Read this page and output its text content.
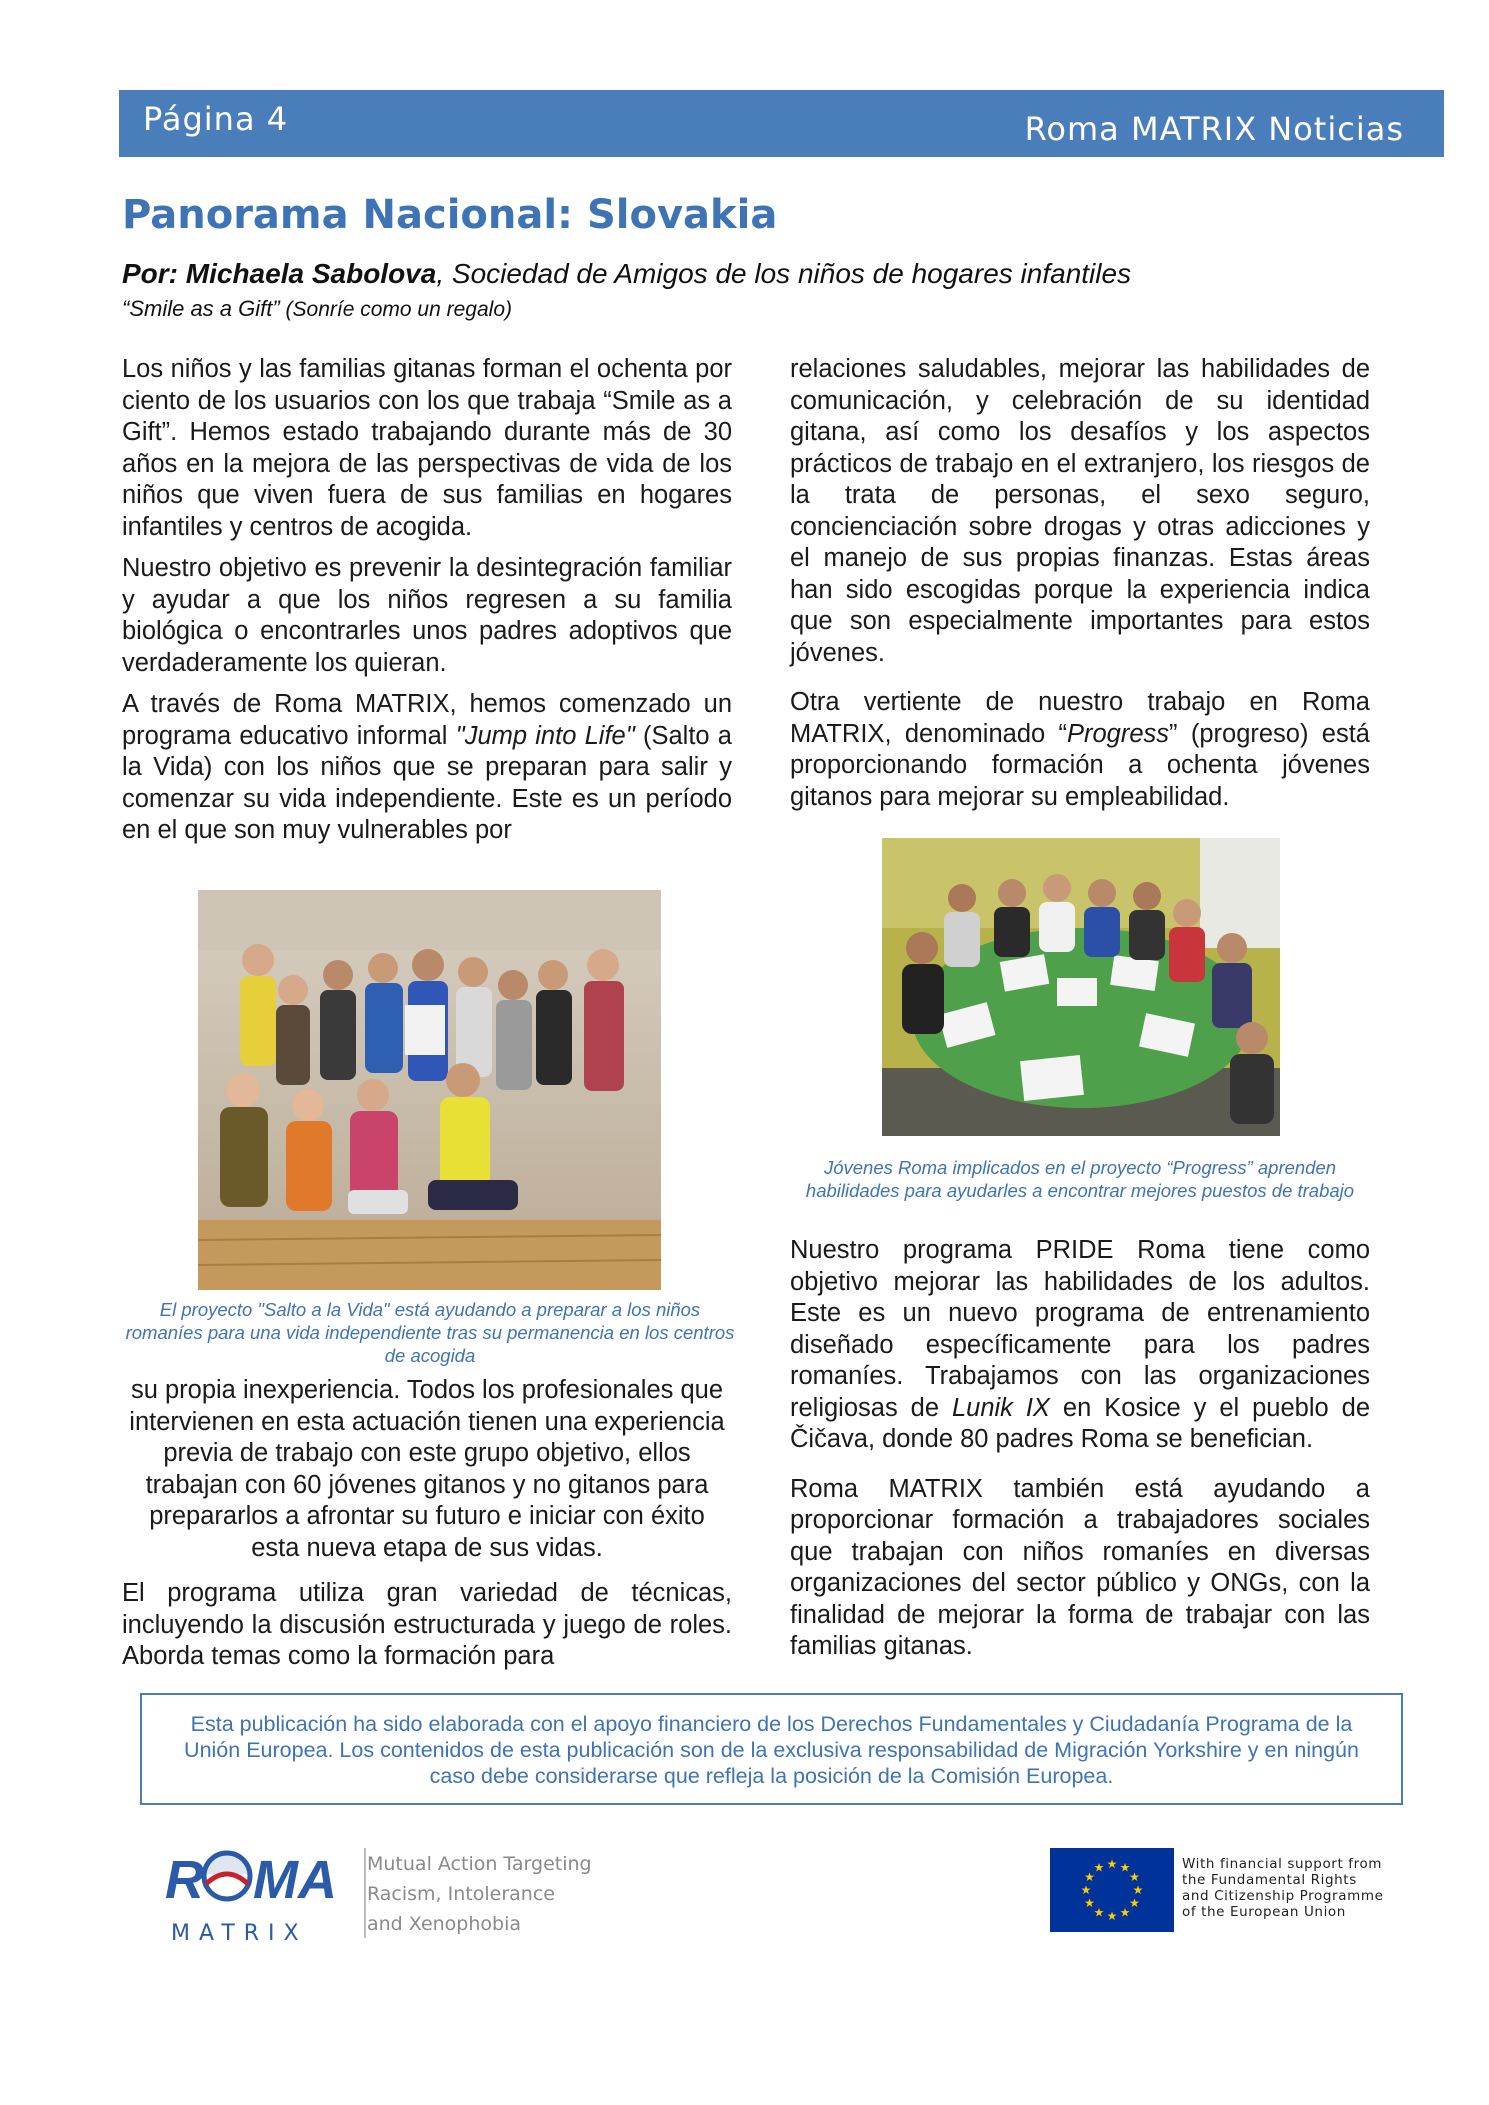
Página 4	Roma MATRIX Noticias
Panorama Nacional: Slovakia
Por: Michaela Sabolova, Sociedad de Amigos de los niños de hogares infantiles
“Smile as a Gift” (Sonríe como un regalo)

Los niños y las familias gitanas forman el ochenta por ciento de los usuarios con los que trabaja “Smile as a Gift”. Hemos estado trabajando durante más de 30 años en la mejora de las perspectivas de vida de los niños que viven fuera de sus familias en hogares infantiles y centros de acogida.

Nuestro objetivo es prevenir la desintegración familiar y ayudar a que los niños regresen a su familia biológica o encontrarles unos padres adoptivos que verdaderamente los quieran.

A través de Roma MATRIX, hemos comenzado un programa educativo informal "Jump into Life" (Salto a la Vida) con los niños que se preparan para salir y comenzar su vida independiente. Este es un período en el que son muy vulnerables por

El proyecto "Salto a la Vida" está ayudando a preparar a los niños romaníes para una vida independiente tras su permanencia en los centros de acogida

su propia inexperiencia. Todos los profesionales que intervienen en esta actuación tienen una experiencia previa de trabajo con este grupo objetivo, ellos trabajan con 60 jóvenes gitanos y no gitanos para prepararlos a afrontar su futuro e iniciar con éxito esta nueva etapa de sus vidas.

El programa utiliza gran variedad de técnicas, incluyendo la discusión estructurada y juego de roles. Aborda temas como la formación para

relaciones saludables, mejorar las habilidades de comunicación, y celebración de su identidad gitana, así como los desafíos y los aspectos prácticos de trabajo en el extranjero, los riesgos de la trata de personas, el sexo seguro, concienciación sobre drogas y otras adicciones y el manejo de sus propias finanzas. Estas áreas han sido escogidas porque la experiencia indica que son especialmente importantes para estos jóvenes.

Otra vertiente de nuestro trabajo en Roma MATRIX, denominado “Progress” (progreso) está proporcionando formación a ochenta jóvenes gitanos para mejorar su empleabilidad.

Jóvenes Roma implicados en el proyecto “Progress” aprenden habilidades para ayudarles a encontrar mejores puestos de trabajo

Nuestro programa PRIDE Roma tiene como objetivo mejorar las habilidades de los adultos. Este es un nuevo programa de entrenamiento diseñado específicamente para los padres romaníes. Trabajamos con las organizaciones religiosas de Lunik IX en Kosice y el pueblo de Čičava, donde 80 padres Roma se benefician.

Roma MATRIX también está ayudando a proporcionar formación a trabajadores sociales que trabajan con niños romaníes en diversas organizaciones del sector público y ONGs, con la finalidad de mejorar la forma de trabajar con las familias gitanas.

Esta publicación ha sido elaborada con el apoyo financiero de los Derechos Fundamentales y Ciudadanía Programa de la Unión Europea. Los contenidos de esta publicación son de la exclusiva responsabilidad de Migración Yorkshire y en ningún caso debe considerarse que refleja la posición de la Comisión Europea.
R MA
MATRIX
Mutual Action Targeting
Racism, Intolerance
and Xenophobia
★ ★
★
★
★
★
★
★
★
★
★
★	With financial support from
the Fundamental Rights
and Citizenship Programme
of the European Union
